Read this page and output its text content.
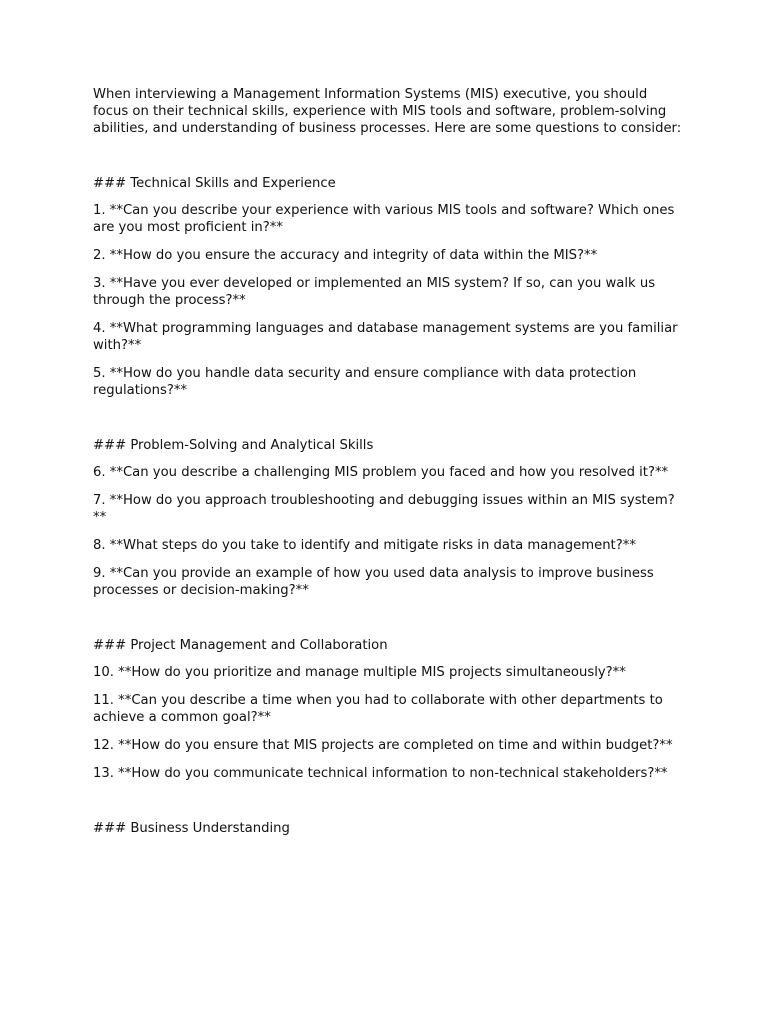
When interviewing a Management Information Systems (MIS) executive, you should focus on their technical skills, experience with MIS tools and software, problem-solving abilities, and understanding of business processes. Here are some questions to consider:

### Technical Skills and Experience

1. **Can you describe your experience with various MIS tools and software? Which ones are you most proficient in?**

2. **How do you ensure the accuracy and integrity of data within the MIS?**

3. **Have you ever developed or implemented an MIS system? If so, can you walk us through the process?**

4. **What programming languages and database management systems are you familiar with?**

5. **How do you handle data security and ensure compliance with data protection regulations?**

### Problem-Solving and Analytical Skills

6. **Can you describe a challenging MIS problem you faced and how you resolved it?**

7. **How do you approach troubleshooting and debugging issues within an MIS system?**

8. **What steps do you take to identify and mitigate risks in data management?**

9. **Can you provide an example of how you used data analysis to improve business processes or decision-making?**

### Project Management and Collaboration

10. **How do you prioritize and manage multiple MIS projects simultaneously?**

11. **Can you describe a time when you had to collaborate with other departments to achieve a common goal?**

12. **How do you ensure that MIS projects are completed on time and within budget?**

13. **How do you communicate technical information to non-technical stakeholders?**

### Business Understanding
